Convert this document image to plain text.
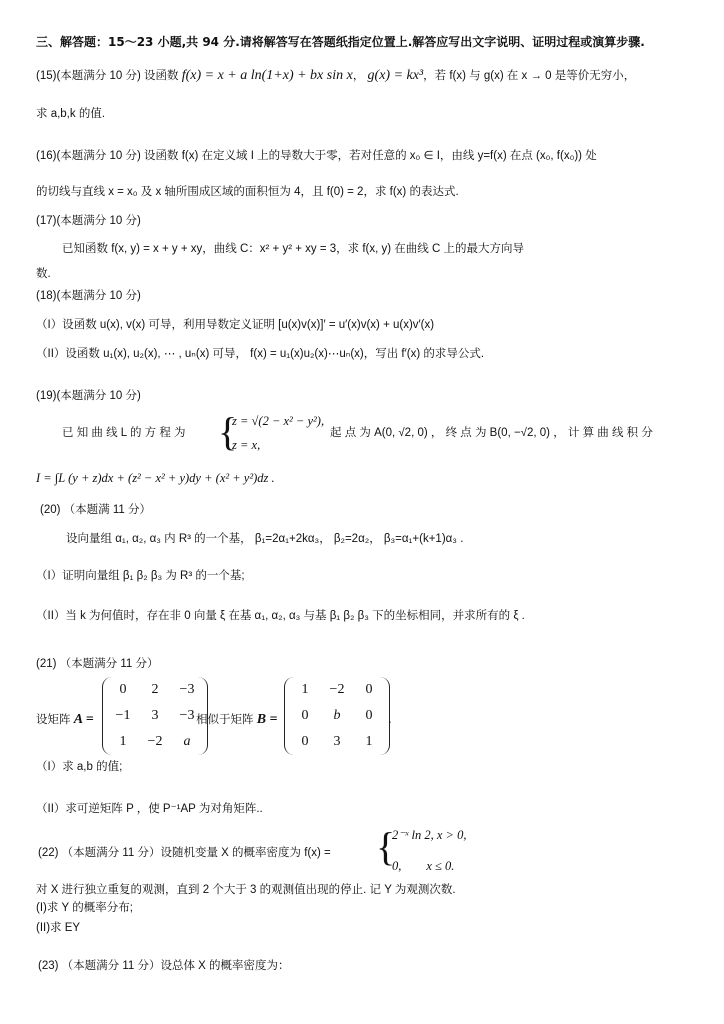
三、解答题：15～23 小题,共 94 分.请将解答写在答题纸指定位置上.解答应写出文字说明、证明过程或演算步骤.
(15)(本题满分 10 分) 设函数 f(x) = x + a ln(1+x) + bx sin x， g(x) = kx³，若 f(x) 与 g(x) 在 x → 0 是等价无穷小，
求 a,b,k 的值.
(16)(本题满分 10 分) 设函数 f(x) 在定义域 I 上的导数大于零，若对任意的 x₀ ∈ I，由线 y=f(x) 在点 (x₀, f(x₀)) 处
的切线与直线 x = x₀ 及 x 轴所围成区域的面积恒为 4，且 f(0) = 2，求 f(x) 的表达式.
(17)(本题满分 10 分)
已知函数 f(x, y) = x + y + xy，曲线 C：x² + y² + xy = 3，求 f(x, y) 在曲线 C 上的最大方向导
数.
(18)(本题满分 10 分)
（I）设函数 u(x), v(x) 可导，利用导数定义证明 [u(x)v(x)]′ = u′(x)v(x) + u(x)v′(x)
（II）设函数 u₁(x), u₂(x), ⋯ , uₙ(x) 可导， f(x) = u₁(x)u₂(x)⋯uₙ(x)，写出 f′(x) 的求导公式.
(19)(本题满分 10 分)
已 知 曲 线 L 的 方 程 为 {
z = √(2 − x² − y²),
z = x,
起 点 为 A(0, √2, 0) ， 终 点 为 B(0, −√2, 0) ， 计 算 曲 线 积 分
I = ∫L (y + z)dx + (z² − x² + y)dy + (x² + y²)dz .
(20) （本题满 11 分）
设向量组 α₁, α₂, α₃ 内 R³ 的一个基， β₁=2α₁+2kα₃， β₂=2α₂， β₃=α₁+(k+1)α₃ .
（I）证明向量组 β₁ β₂ β₃ 为 R³ 的一个基;
（II）当 k 为何值时，存在非 0 向量 ξ 在基 α₁, α₂, α₃ 与基 β₁ β₂ β₃ 下的坐标相同，并求所有的 ξ .
(21) （本题满分 11 分）
设矩阵 A =
0	2	−3
−1	3	−3
1	−2	a
相似于矩阵 B =
1	−2	0
0	b	0
0	3	1
.
（I）求 a,b 的值;
（II）求可逆矩阵 P ，使 P⁻¹AP 为对角矩阵..
(22) （本题满分 11 分）设随机变量 X 的概率密度为 f(x) = {
2⁻ˣ ln 2, x > 0,
0,        x ≤ 0.
对 X 进行独立重复的观测，直到 2 个大于 3 的观测值出现的停止. 记 Y 为观测次数.
(I)求 Y 的概率分布;
(II)求 EY
(23) （本题满分 11 分）设总体 X 的概率密度为：
